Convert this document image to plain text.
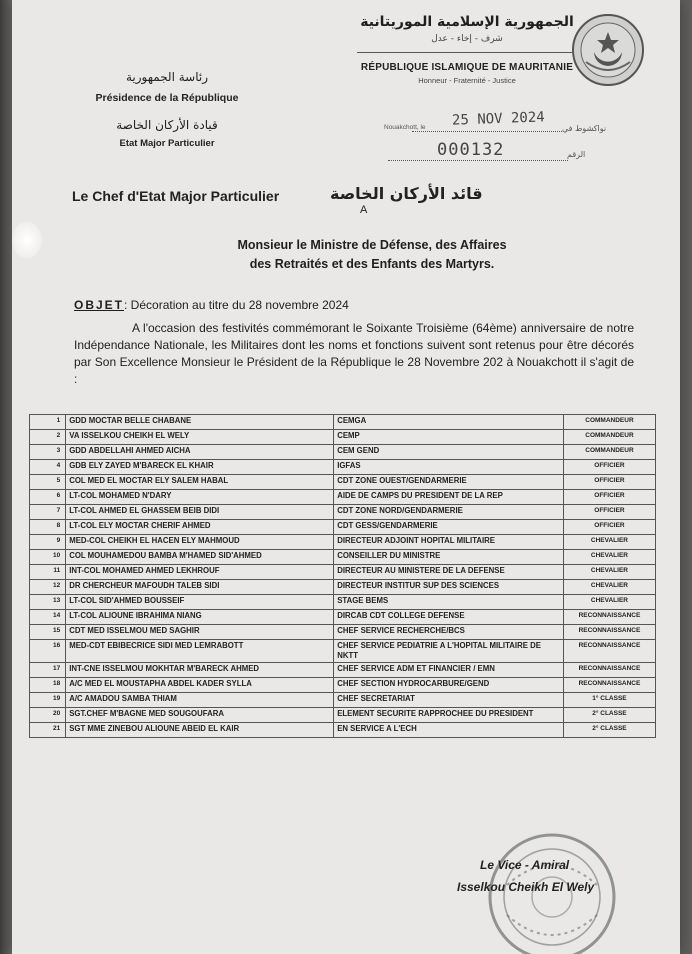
الجمهورية الإسلامية الموريتانية
شرف - إخاء - عدل
RÉPUBLIQUE ISLAMIQUE DE MAURITANIE
Honneur - Fraternité - Justice
رئاسة الجمهورية
Présidence de la République
قيادة الأركان الخاصة
Etat Major Particulier
Nouakchott, le 25 NOV 2024 نواكشوط في
000132	الرقم
Le Chef d'Etat Major Particulier	قائد الأركان الخاصة
A
Monsieur le Ministre de Défense, des Affaires
des Retraités et des Enfants des Martyrs.
OBJET: Décoration au titre du 28 novembre 2024
A l'occasion des festivités commémorant le Soixante Troisième (64ème) anniversaire de notre Indépendance Nationale, les Militaires dont les noms et fonctions suivent sont retenus pour être décorés par Son Excellence Monsieur le Président de la République le 28 Novembre 202 à Nouakchott il s'agit de :
1	GDD MOCTAR BELLE CHABANE	CEMGA	COMMANDEUR
2	VA ISSELKOU CHEIKH EL WELY	CEMP	COMMANDEUR
3	GDD ABDELLAHI AHMED AICHA	CEM GEND	COMMANDEUR
4	GDB ELY ZAYED M'BARECK EL KHAIR	IGFAS	OFFICIER
5	COL MED EL MOCTAR ELY SALEM HABAL	CDT ZONE OUEST/GENDARMERIE	OFFICIER
6	LT-COL MOHAMED N'DARY	AIDE DE CAMPS DU PRESIDENT DE LA REP	OFFICIER
7	LT-COL AHMED EL GHASSEM BEIB DIDI	CDT ZONE NORD/GENDARMERIE	OFFICIER
8	LT-COL ELY MOCTAR CHERIF AHMED	CDT GESS/GENDARMERIE	OFFICIER
9	MED-COL CHEIKH EL HACEN ELY MAHMOUD	DIRECTEUR ADJOINT HOPITAL MILITAIRE	CHEVALIER
10	COL MOUHAMEDOU BAMBA M'HAMED SID'AHMED	CONSEILLER DU MINISTRE	CHEVALIER
11	INT-COL MOHAMED AHMED LEKHROUF	DIRECTEUR AU MINISTERE DE LA DEFENSE	CHEVALIER
12	DR CHERCHEUR MAFOUDH TALEB SIDI	DIRECTEUR INSTITUR SUP DES SCIENCES	CHEVALIER
13	LT-COL SID'AHMED BOUSSEIF	STAGE BEMS	CHEVALIER
14	LT-COL ALIOUNE IBRAHIMA NIANG	DIRCAB CDT COLLEGE DEFENSE	RECONNAISSANCE
15	CDT MED ISSELMOU MED SAGHIR	CHEF SERVICE RECHERCHE/BCS	RECONNAISSANCE
16	MED-CDT EBIBECRICE SIDI MED LEMRABOTT	CHEF SERVICE PEDIATRIE A L'HOPITAL MILITAIRE DE NKTT	RECONNAISSANCE
17	INT-CNE ISSELMOU MOKHTAR M'BARECK AHMED	CHEF SERVICE ADM ET FINANCIER / EMN	RECONNAISSANCE
18	A/C MED EL MOUSTAPHA ABDEL KADER SYLLA	CHEF SECTION HYDROCARBURE/GEND	RECONNAISSANCE
19	A/C AMADOU SAMBA THIAM	CHEF SECRETARIAT	1° CLASSE
20	SGT.CHEF M'BAGNE MED SOUGOUFARA	ELEMENT SECURITE RAPPROCHEE DU PRESIDENT	2° CLASSE
21	SGT MME ZINEBOU ALIOUNE ABEID EL KAIR	EN SERVICE A L'ECH	2° CLASSE
Le Vice - Amiral
Isselkou Cheikh El Wely
